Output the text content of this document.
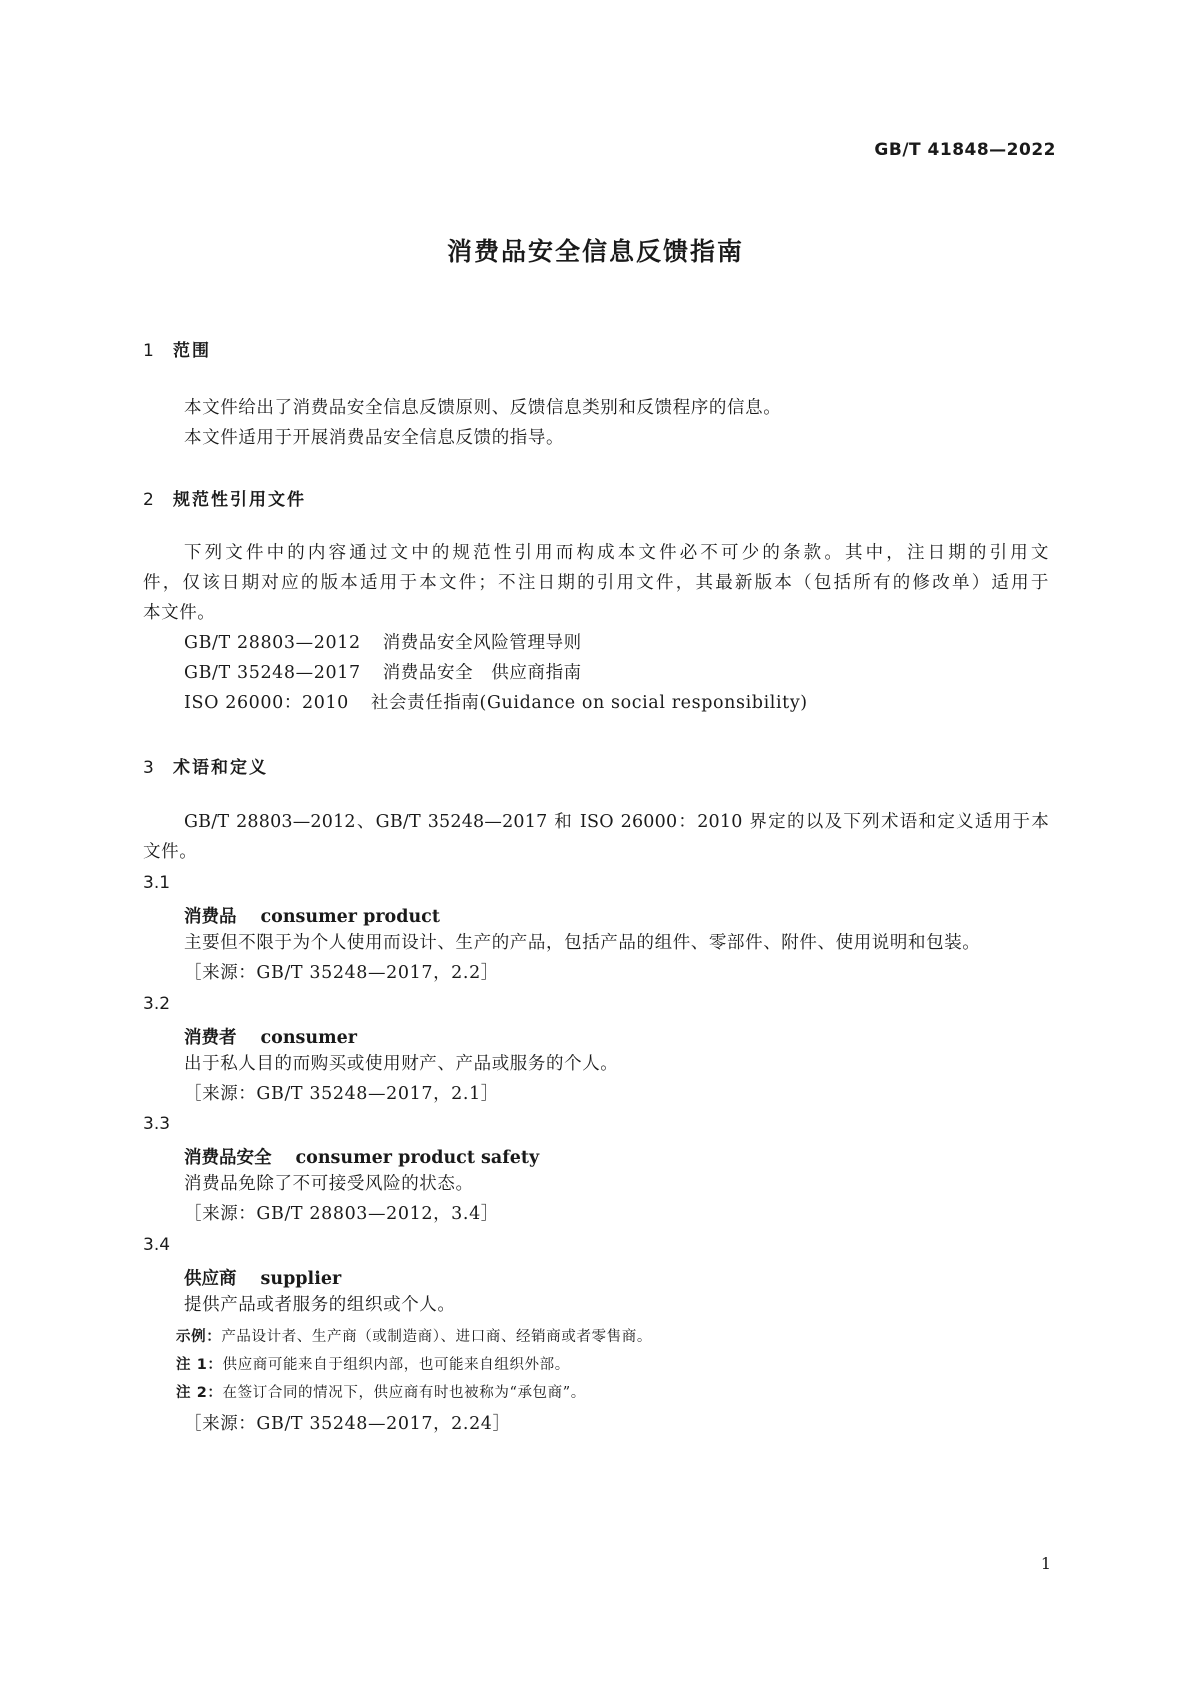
GB/T 41848—2022
消费品安全信息反馈指南
1 范围
本文件给出了消费品安全信息反馈原则、反馈信息类别和反馈程序的信息。
本文件适用于开展消费品安全信息反馈的指导。
2 规范性引用文件
下列文件中的内容通过文中的规范性引用而构成本文件必不可少的条款。其中，注日期的引用文
件，仅该日期对应的版本适用于本文件；不注日期的引用文件，其最新版本（包括所有的修改单）适用于
本文件。
GB/T 28803—2012 消费品安全风险管理导则
GB/T 35248—2017 消费品安全　供应商指南
ISO 26000：2010 社会责任指南(Guidance on social responsibility)
3 术语和定义
GB/T 28803—2012、GB/T 35248—2017 和 ISO 26000：2010 界定的以及下列术语和定义适用于本
文件。
3.1
消费品 consumer product
主要但不限于为个人使用而设计、生产的产品，包括产品的组件、零部件、附件、使用说明和包装。
［来源：GB/T 35248—2017，2.2］
3.2
消费者 consumer
出于私人目的而购买或使用财产、产品或服务的个人。
［来源：GB/T 35248—2017，2.1］
3.3
消费品安全 consumer product safety
消费品免除了不可接受风险的状态。
［来源：GB/T 28803—2012，3.4］
3.4
供应商 supplier
提供产品或者服务的组织或个人。
示例：产品设计者、生产商（或制造商）、进口商、经销商或者零售商。
注 1：供应商可能来自于组织内部，也可能来自组织外部。
注 2：在签订合同的情况下，供应商有时也被称为“承包商”。
［来源：GB/T 35248—2017，2.24］
1
